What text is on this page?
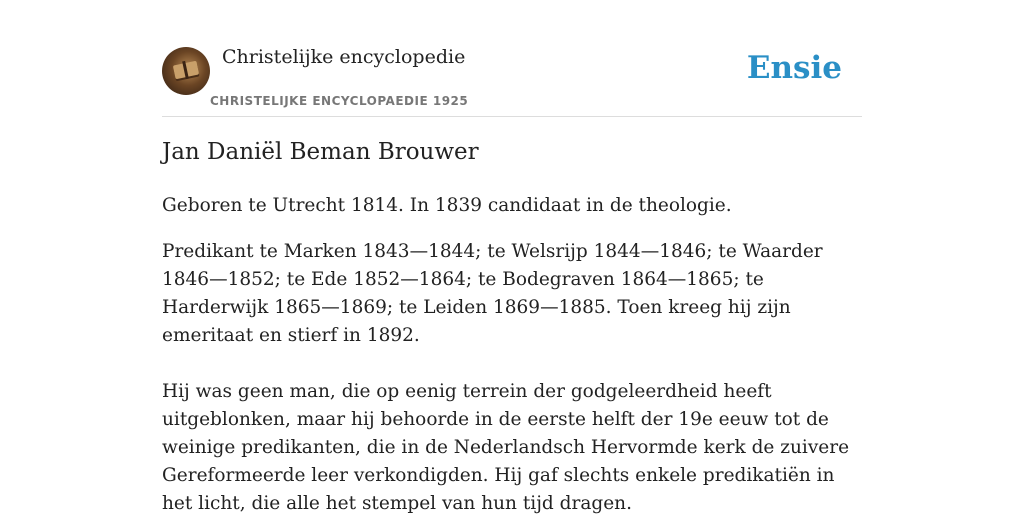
Christelijke encyclopedie
CHRISTELIJKE ENCYCLOPAEDIE 1925
Ensie
Jan Daniël Beman Brouwer

Geboren te Utrecht 1814. In 1839 candidaat in de theologie.

Predikant te Marken 1843—1844; te Welsrijp 1844—1846; te Waarder 1846—1852; te Ede 1852—1864; te Bodegraven 1864—1865; te Harderwijk 1865—1869; te Leiden 1869—1885. Toen kreeg hij zijn emeritaat en stierf in 1892.

Hij was geen man, die op eenig terrein der godgeleerdheid heeft uitgeblonken, maar hij behoorde in de eerste helft der 19e eeuw tot de weinige predikanten, die in de Nederlandsch Hervormde kerk de zuivere Gereformeerde leer verkondigden. Hij gaf slechts enkele predikatiën in het licht, die alle het stempel van hun tijd dragen.
